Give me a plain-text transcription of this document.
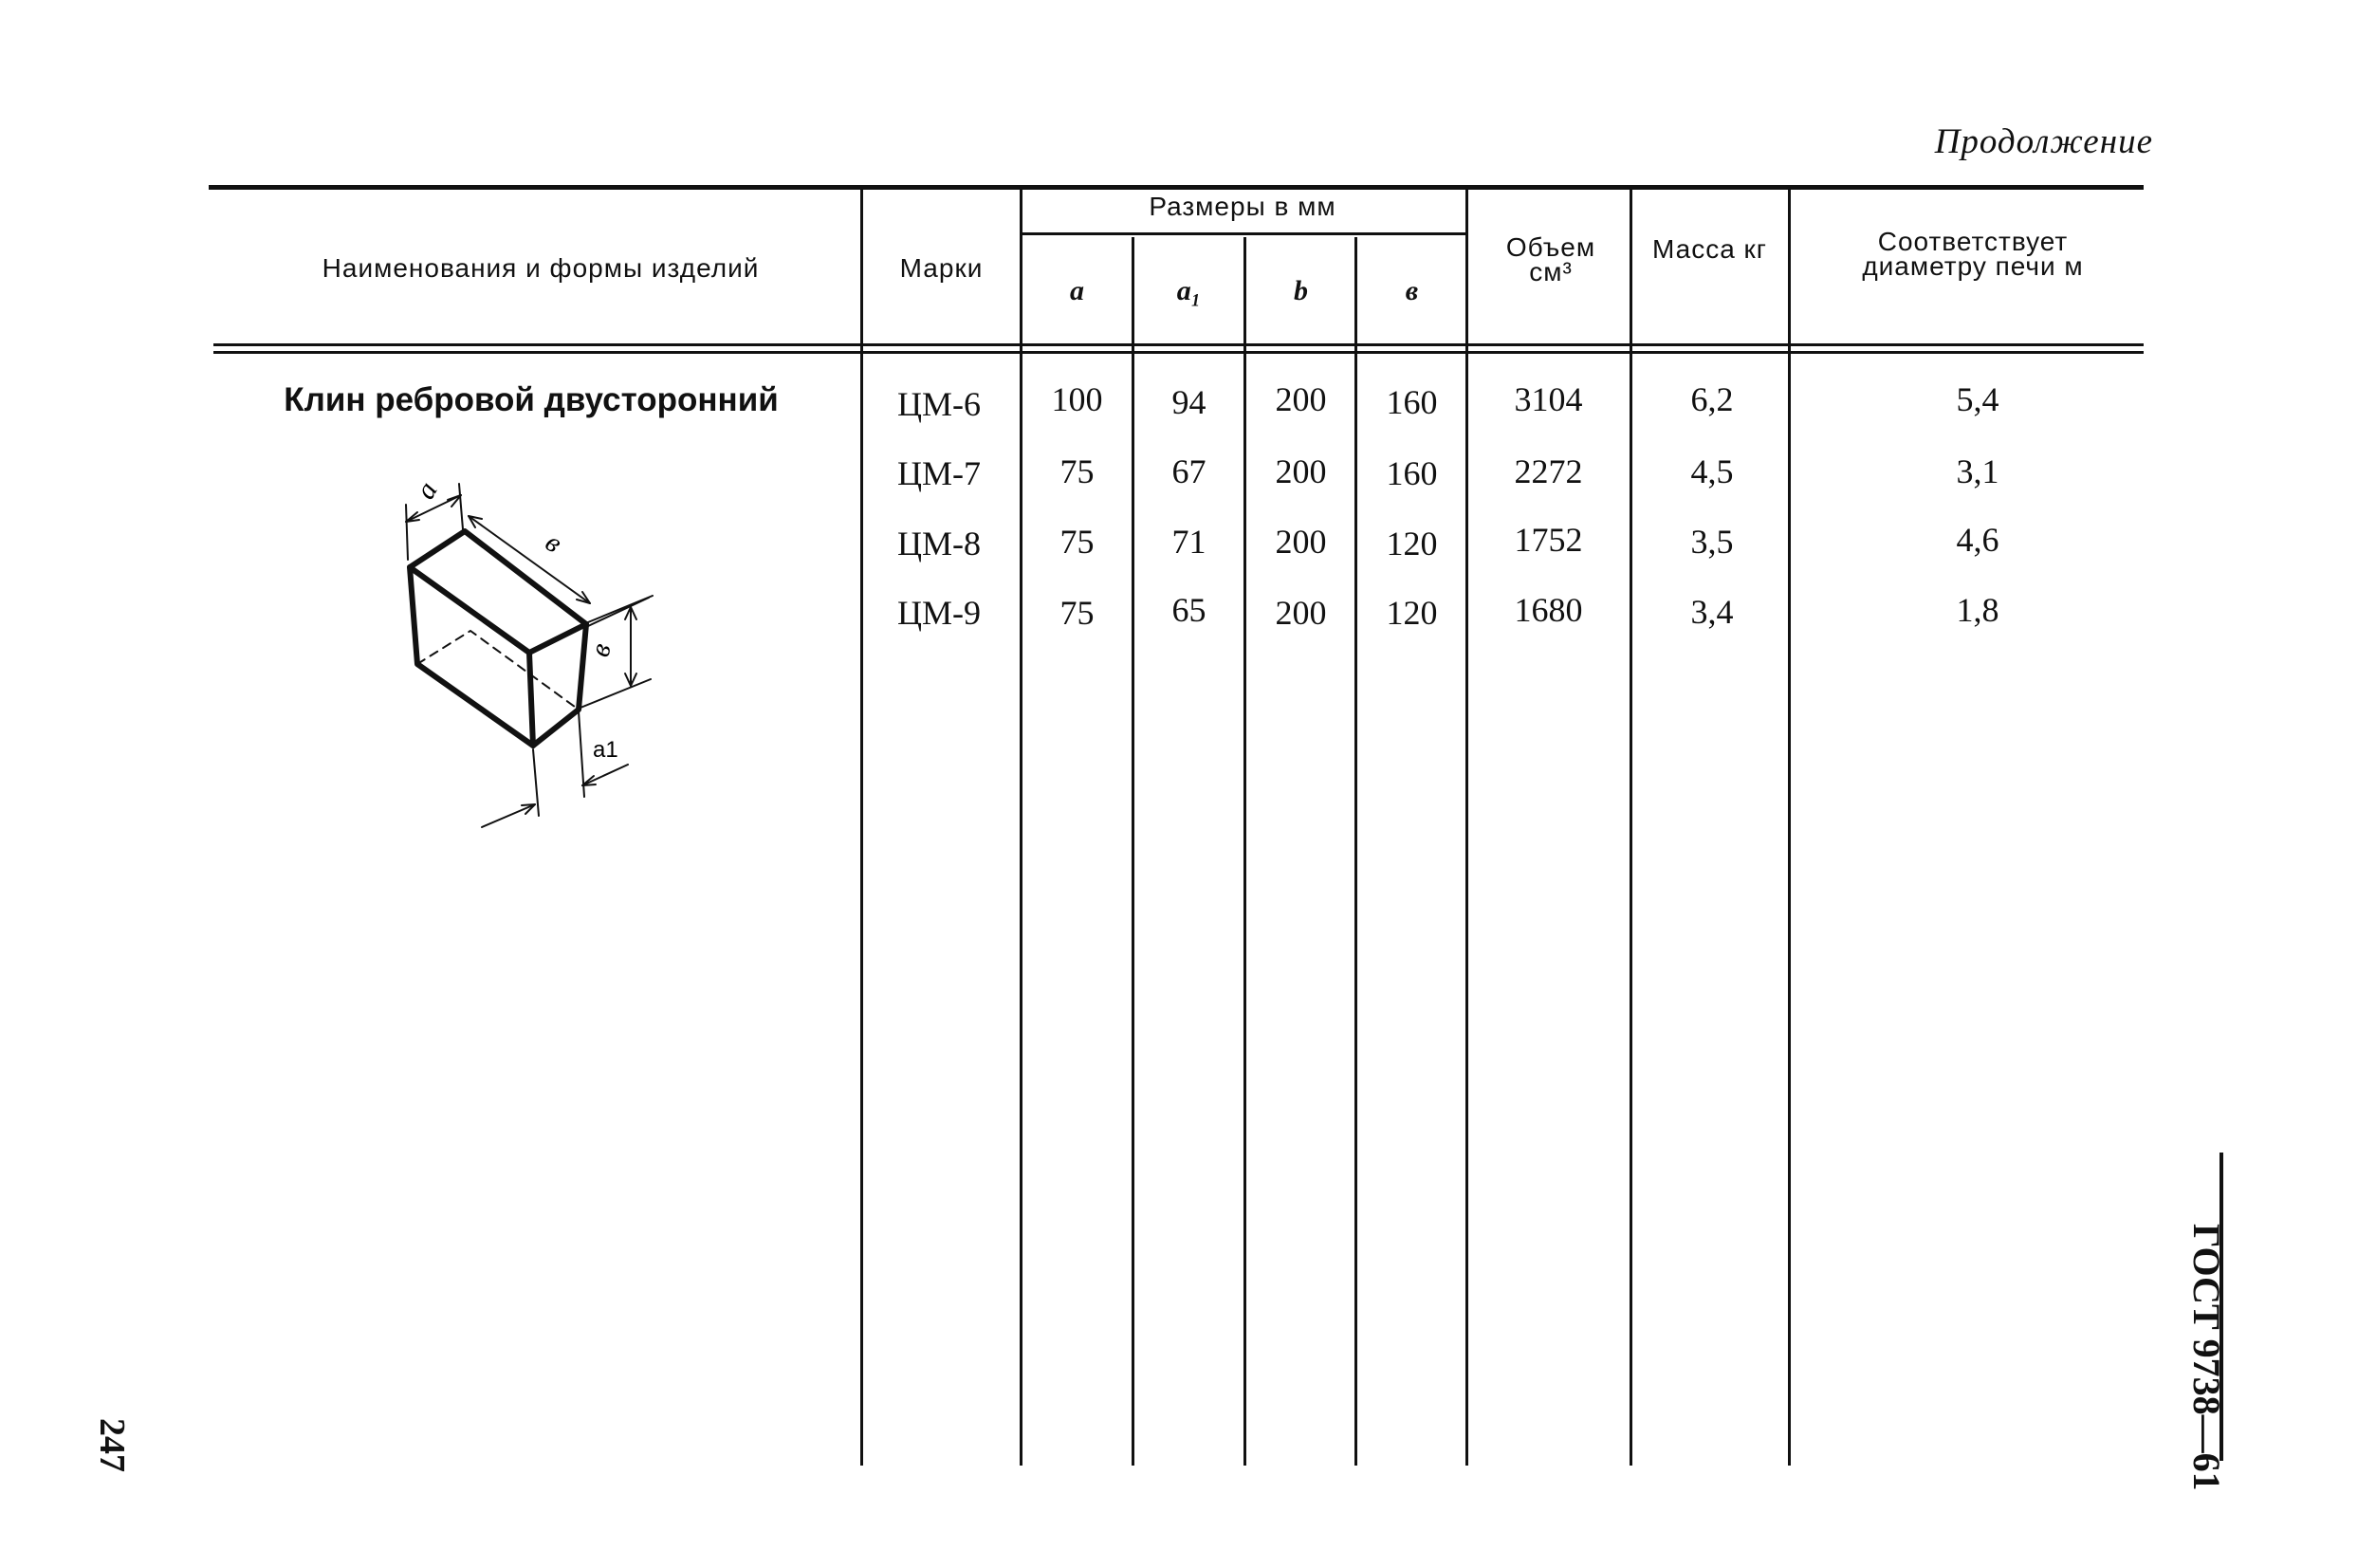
Продолжение
Наименования и формы изделий	Марки
Размеры в мм
а	а₁	b	в
Объем см³
Масса кг	Соответствует диаметру печи м
Клин ребровой двусторонний	ЦМ-6	100	94	200	160	3104	6,2	5,4
ЦМ-7	75	67	200	160	2272	4,5	3,1
ЦМ-8	75	71	200	120	1752	3,5	4,6
ЦМ-9	75	65	200	120	1680	3,4	1,8
а
в
в
а1
247	ГОСТ 9738—61
